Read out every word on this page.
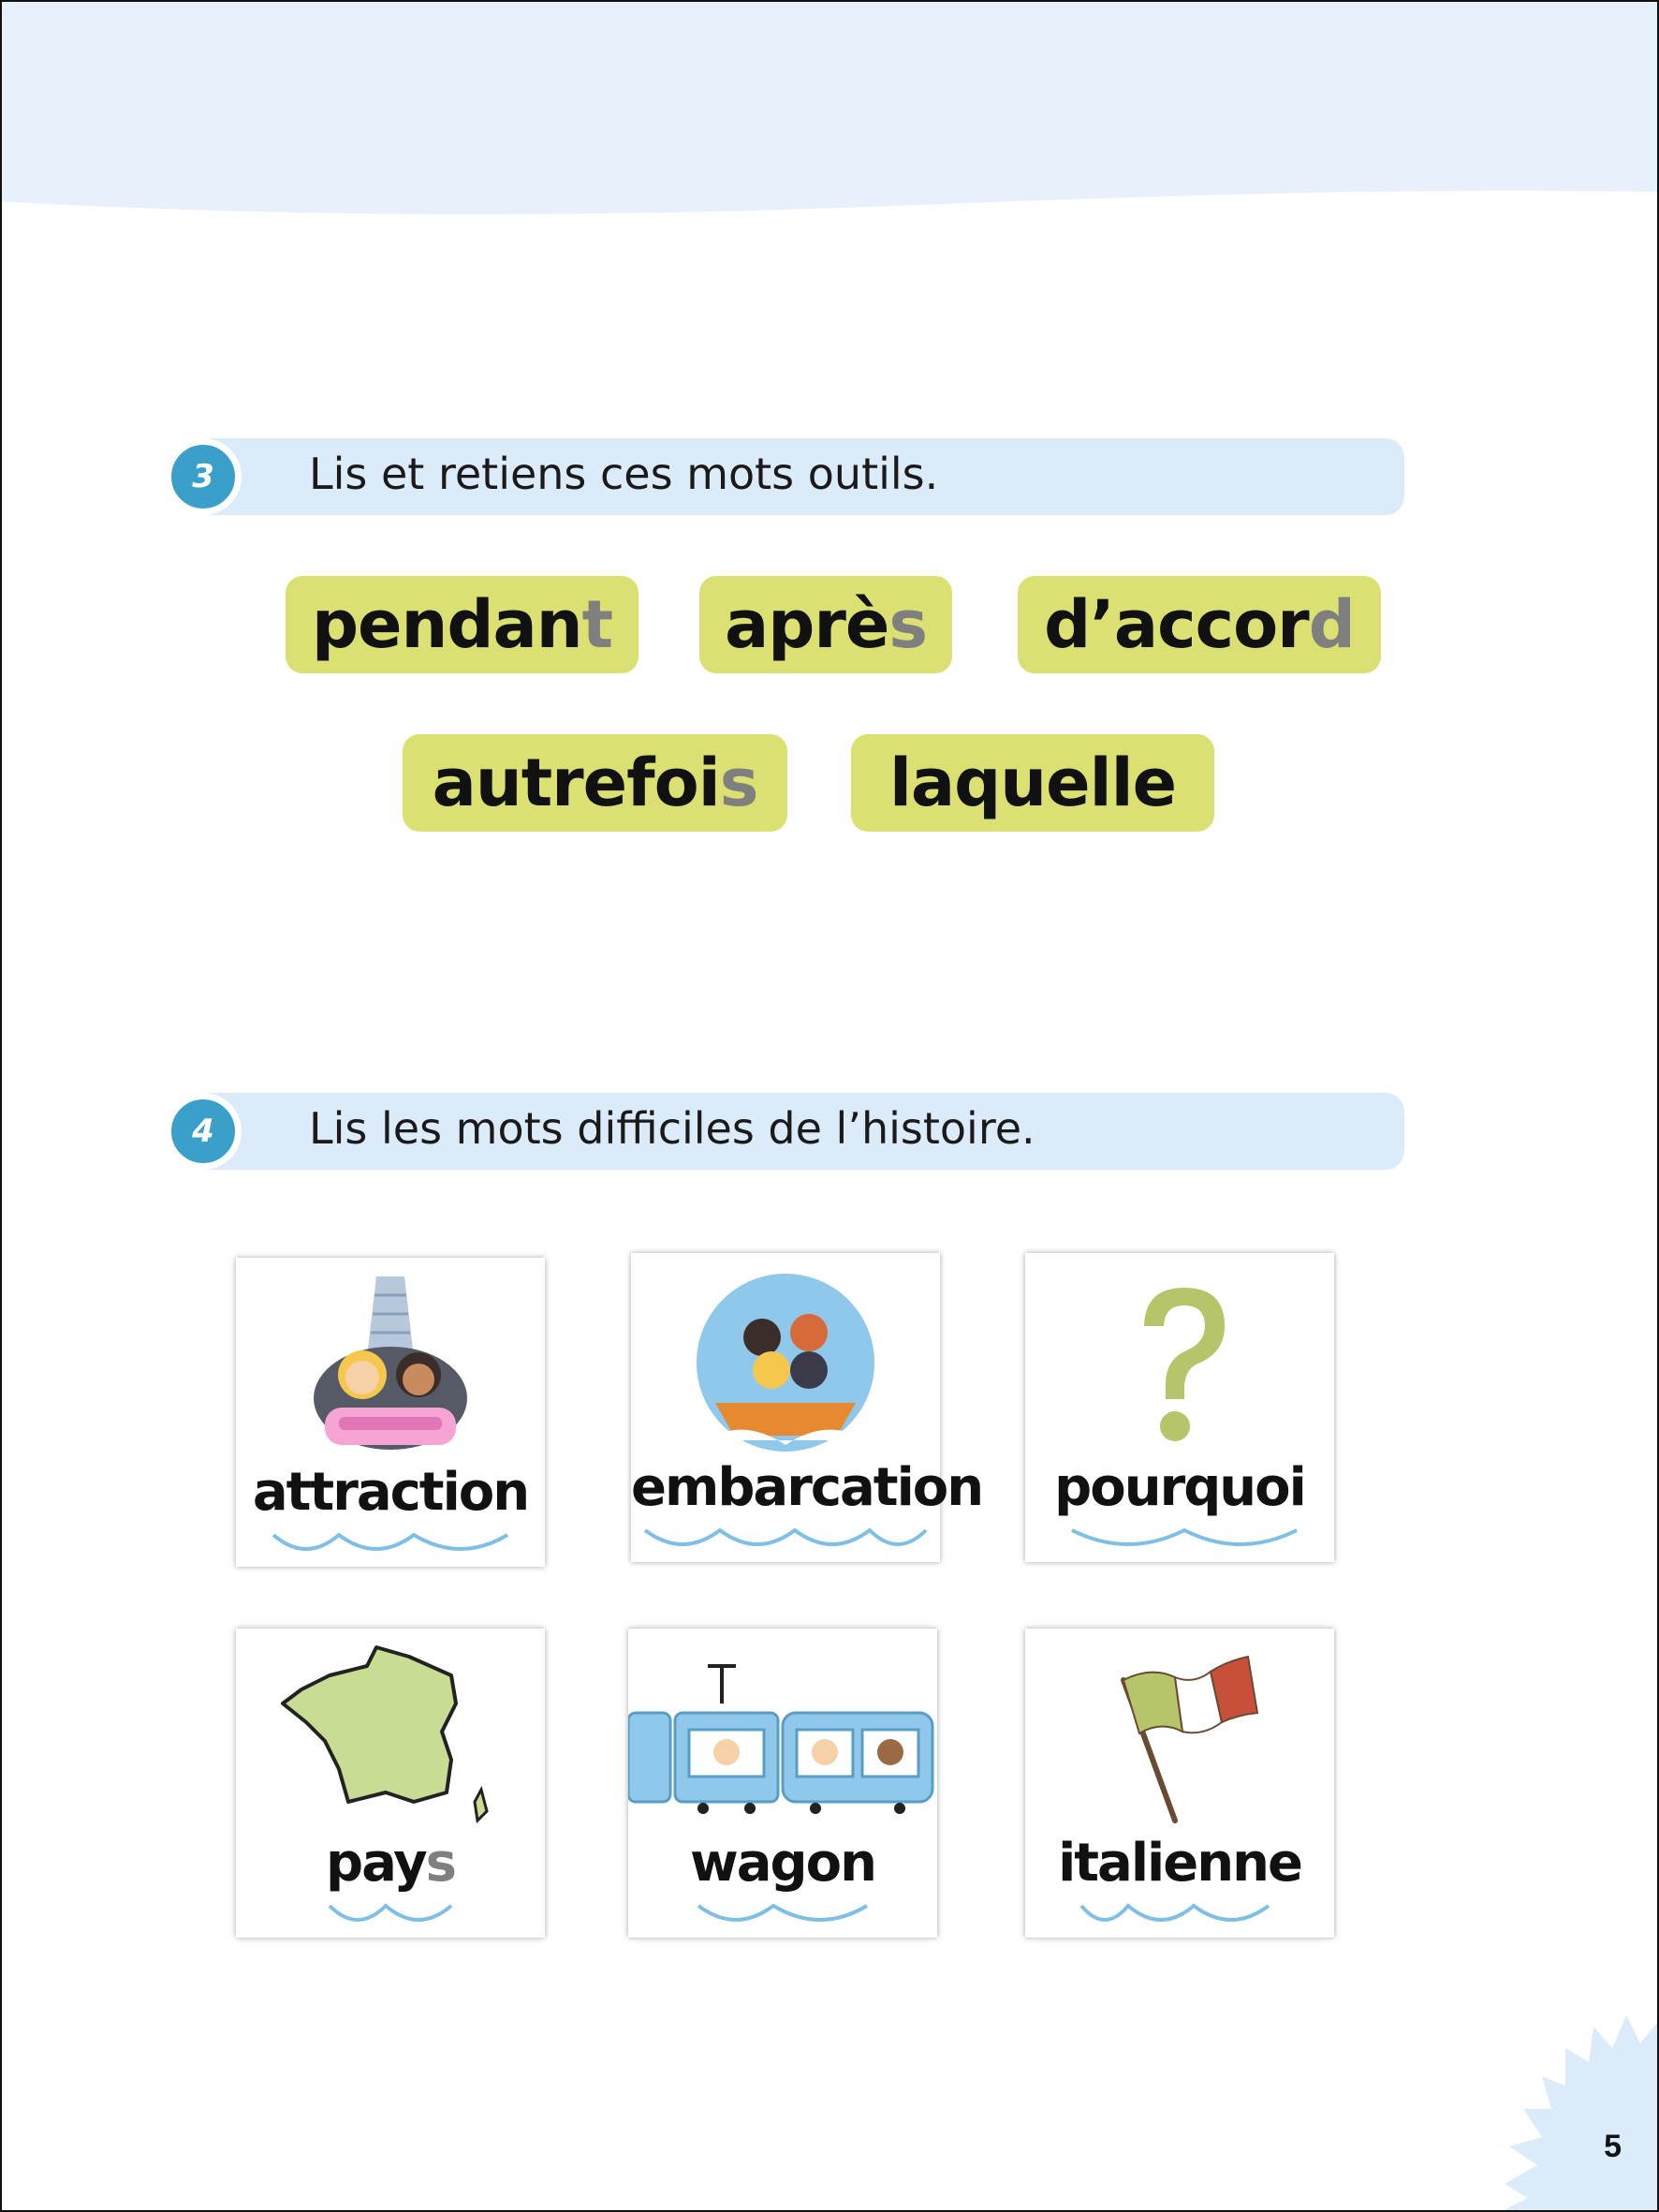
5
3	Lis et retiens ces mots outils.
pendan t aprè s d’accor d
autrefoi s laquelle
4	Lis les mots difficiles de l’histoire.
attraction	embarcation	pourquoi
pays	wagon	italienne
